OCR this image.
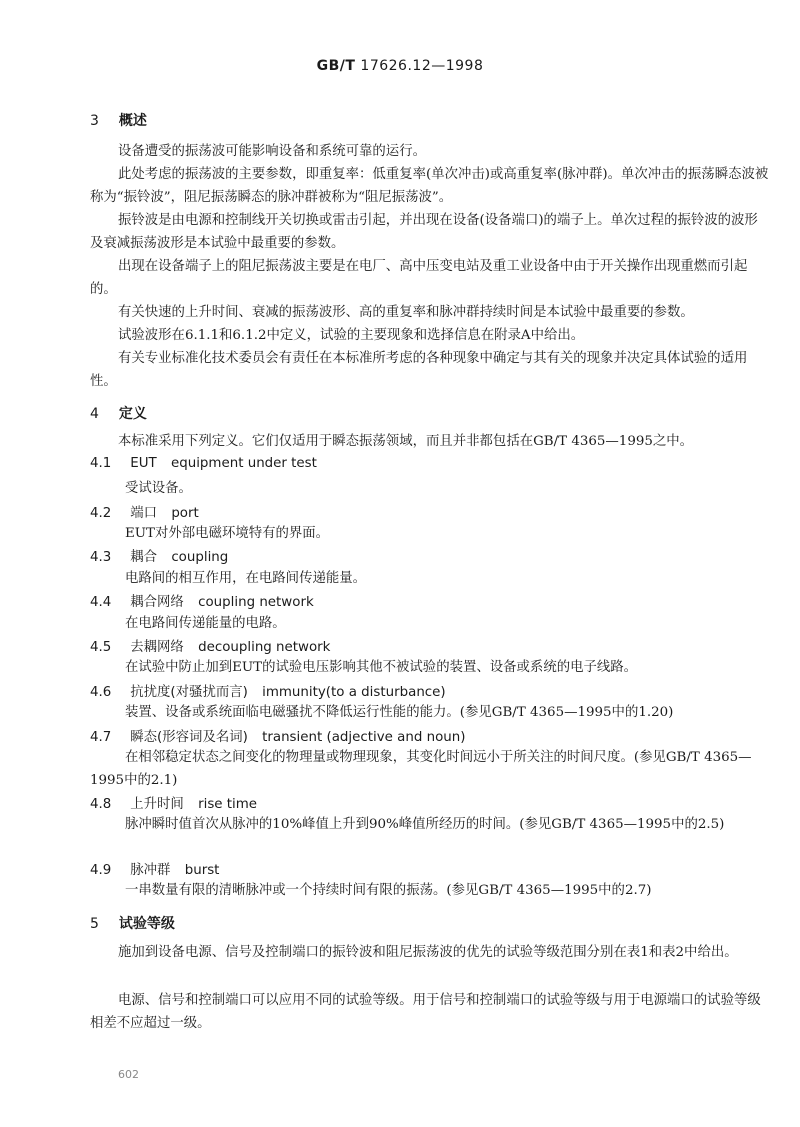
GB/T 17626.12—1998
3 概述
设备遭受的振荡波可能影响设备和系统可靠的运行。
此处考虑的振荡波的主要参数，即重复率：低重复率(单次冲击)或高重复率(脉冲群)。单次冲击的振荡瞬态波被称为“振铃波”，阻尼振荡瞬态的脉冲群被称为“阻尼振荡波”。
振铃波是由电源和控制线开关切换或雷击引起，并出现在设备(设备端口)的端子上。单次过程的振铃波的波形及衰减振荡波形是本试验中最重要的参数。
出现在设备端子上的阻尼振荡波主要是在电厂、高中压变电站及重工业设备中由于开关操作出现重燃而引起的。
有关快速的上升时间、衰减的振荡波形、高的重复率和脉冲群持续时间是本试验中最重要的参数。
试验波形在6.1.1和6.1.2中定义，试验的主要现象和选择信息在附录A中给出。
有关专业标准化技术委员会有责任在本标准所考虑的各种现象中确定与其有关的现象并决定具体试验的适用性。
4 定义
本标准采用下列定义。它们仅适用于瞬态振荡领域，而且并非都包括在GB/T 4365—1995之中。
4.1 EUT equipment under test
受试设备。
4.2 端口 port
EUT对外部电磁环境特有的界面。
4.3 耦合 coupling
电路间的相互作用，在电路间传递能量。
4.4 耦合网络 coupling network
在电路间传递能量的电路。
4.5 去耦网络 decoupling network
在试验中防止加到EUT的试验电压影响其他不被试验的装置、设备或系统的电子线路。
4.6 抗扰度(对骚扰而言) immunity(to a disturbance)
装置、设备或系统面临电磁骚扰不降低运行性能的能力。(参见GB/T 4365—1995中的1.20)
4.7 瞬态(形容词及名词) transient (adjective and noun)
在相邻稳定状态之间变化的物理量或物理现象，其变化时间远小于所关注的时间尺度。(参见GB/T 4365—1995中的2.1)
4.8 上升时间 rise time
脉冲瞬时值首次从脉冲的10%峰值上升到90%峰值所经历的时间。(参见GB/T 4365—1995中的2.5)
4.9 脉冲群 burst
一串数量有限的清晰脉冲或一个持续时间有限的振荡。(参见GB/T 4365—1995中的2.7)
5 试验等级
施加到设备电源、信号及控制端口的振铃波和阻尼振荡波的优先的试验等级范围分别在表1和表2中给出。
电源、信号和控制端口可以应用不同的试验等级。用于信号和控制端口的试验等级与用于电源端口的试验等级相差不应超过一级。
602
